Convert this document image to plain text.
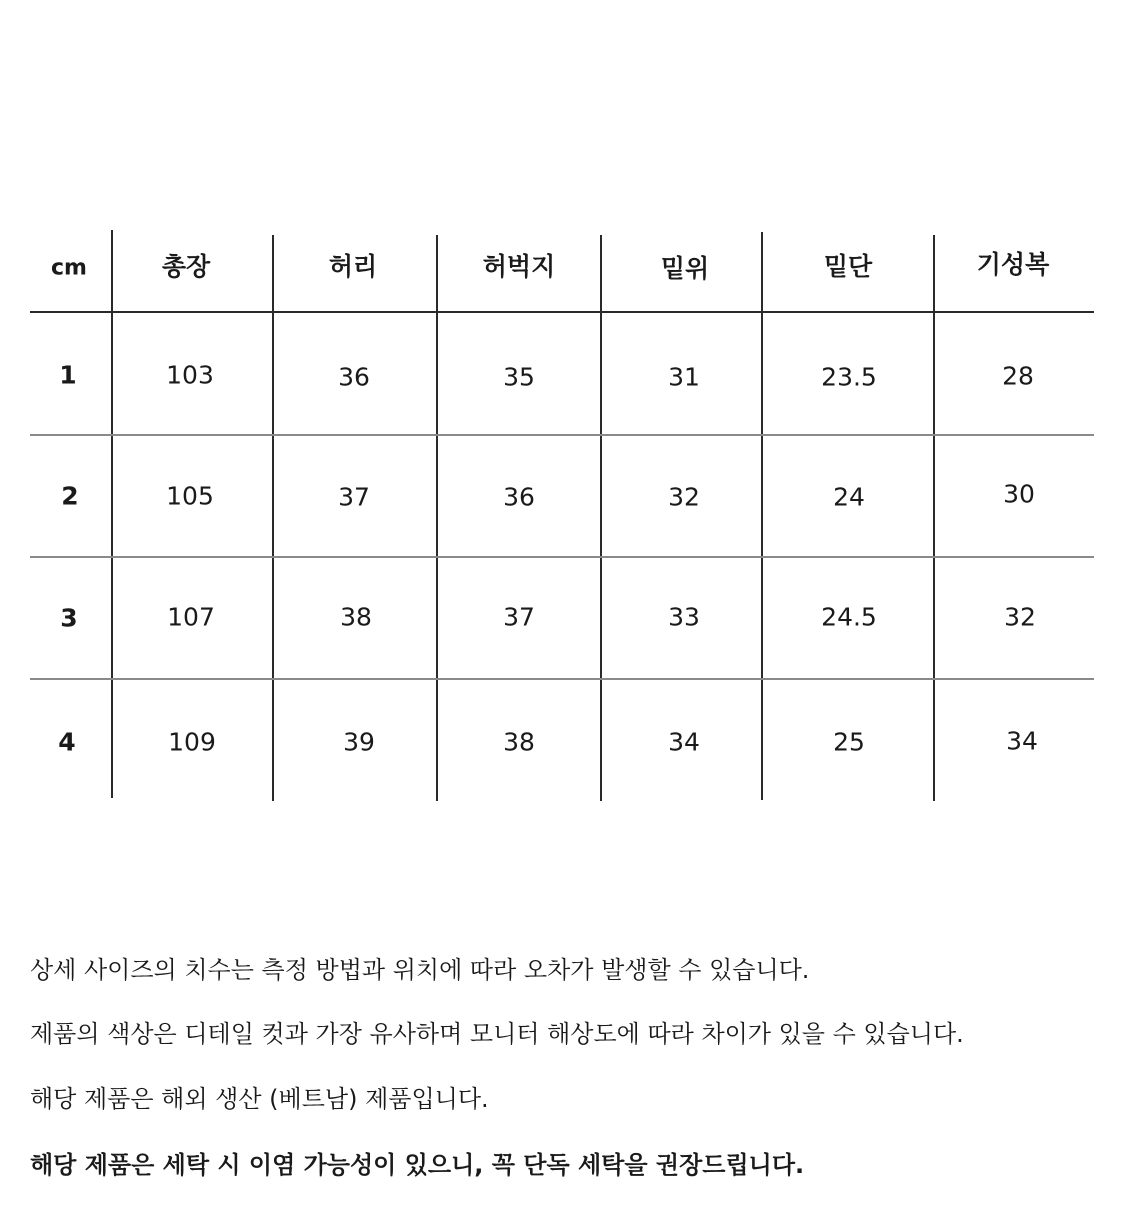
cm	총장	허리	허벅지	밑위	밑단	기성복
1	103	36	35	31	23.5	28
2	105	37	36	32	24	30
3	107	38	37	33	24.5	32
4	109	39	38	34	25	34
상세 사이즈의 치수는 측정 방법과 위치에 따라 오차가 발생할 수 있습니다.
제품의 색상은 디테일 컷과 가장 유사하며 모니터 해상도에 따라 차이가 있을 수 있습니다.
해당 제품은 해외 생산 (베트남) 제품입니다.
해당 제품은 세탁 시 이염 가능성이 있으니, 꼭 단독 세탁을 권장드립니다.
